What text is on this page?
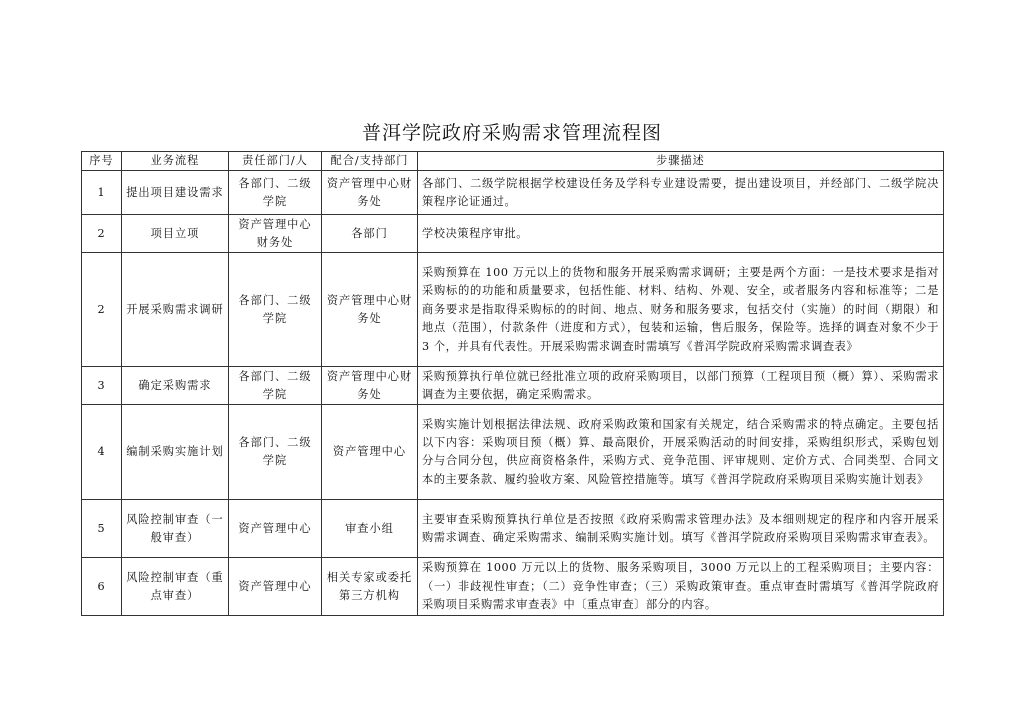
普洱学院政府采购需求管理流程图
序号	业务流程	责任部门/人	配合/支持部门	步骤描述
1	提出项目建设需求	各部门、二级学院	资产管理中心财务处	各部门、二级学院根据学校建设任务及学科专业建设需要，提出建设项目，并经部门、二级学院决策程序论证通过。
2	项目立项	资产管理中心财务处	各部门	学校决策程序审批。
2	开展采购需求调研	各部门、二级学院	资产管理中心财务处	采购预算在 100 万元以上的货物和服务开展采购需求调研；主要是两个方面：一是技术要求是指对采购标的的功能和质量要求，包括性能、材料、结构、外观、安全，或者服务内容和标准等；二是商务要求是指取得采购标的的时间、地点、财务和服务要求，包括交付（实施）的时间（期限）和地点（范围），付款条件（进度和方式），包装和运输，售后服务，保险等。选择的调查对象不少于 3 个，并具有代表性。开展采购需求调查时需填写《普洱学院政府采购需求调查表》
3	确定采购需求	各部门、二级学院	资产管理中心财务处	采购预算执行单位就已经批准立项的政府采购项目，以部门预算（工程项目预（概）算）、采购需求调查为主要依据，确定采购需求。
4	编制采购实施计划	各部门、二级学院	资产管理中心	采购实施计划根据法律法规、政府采购政策和国家有关规定，结合采购需求的特点确定。主要包括以下内容：采购项目预（概）算、最高限价，开展采购活动的时间安排，采购组织形式，采购包划分与合同分包，供应商资格条件，采购方式、竞争范围、评审规则、定价方式、合同类型、合同文本的主要条款、履约验收方案、风险管控措施等。填写《普洱学院政府采购项目采购实施计划表》
5	风险控制审查（一般审查）	资产管理中心	审查小组	主要审查采购预算执行单位是否按照《政府采购需求管理办法》及本细则规定的程序和内容开展采购需求调查、确定采购需求、编制采购实施计划。填写《普洱学院政府采购项目采购需求审查表》。
6	风险控制审查（重点审查）	资产管理中心	相关专家或委托第三方机构	采购预算在 1000 万元以上的货物、服务采购项目，3000 万元以上的工程采购项目；主要内容：（一）非歧视性审查；（二）竞争性审查；（三）采购政策审查。重点审查时需填写《普洱学院政府采购项目采购需求审查表》中〔重点审查〕部分的内容。
